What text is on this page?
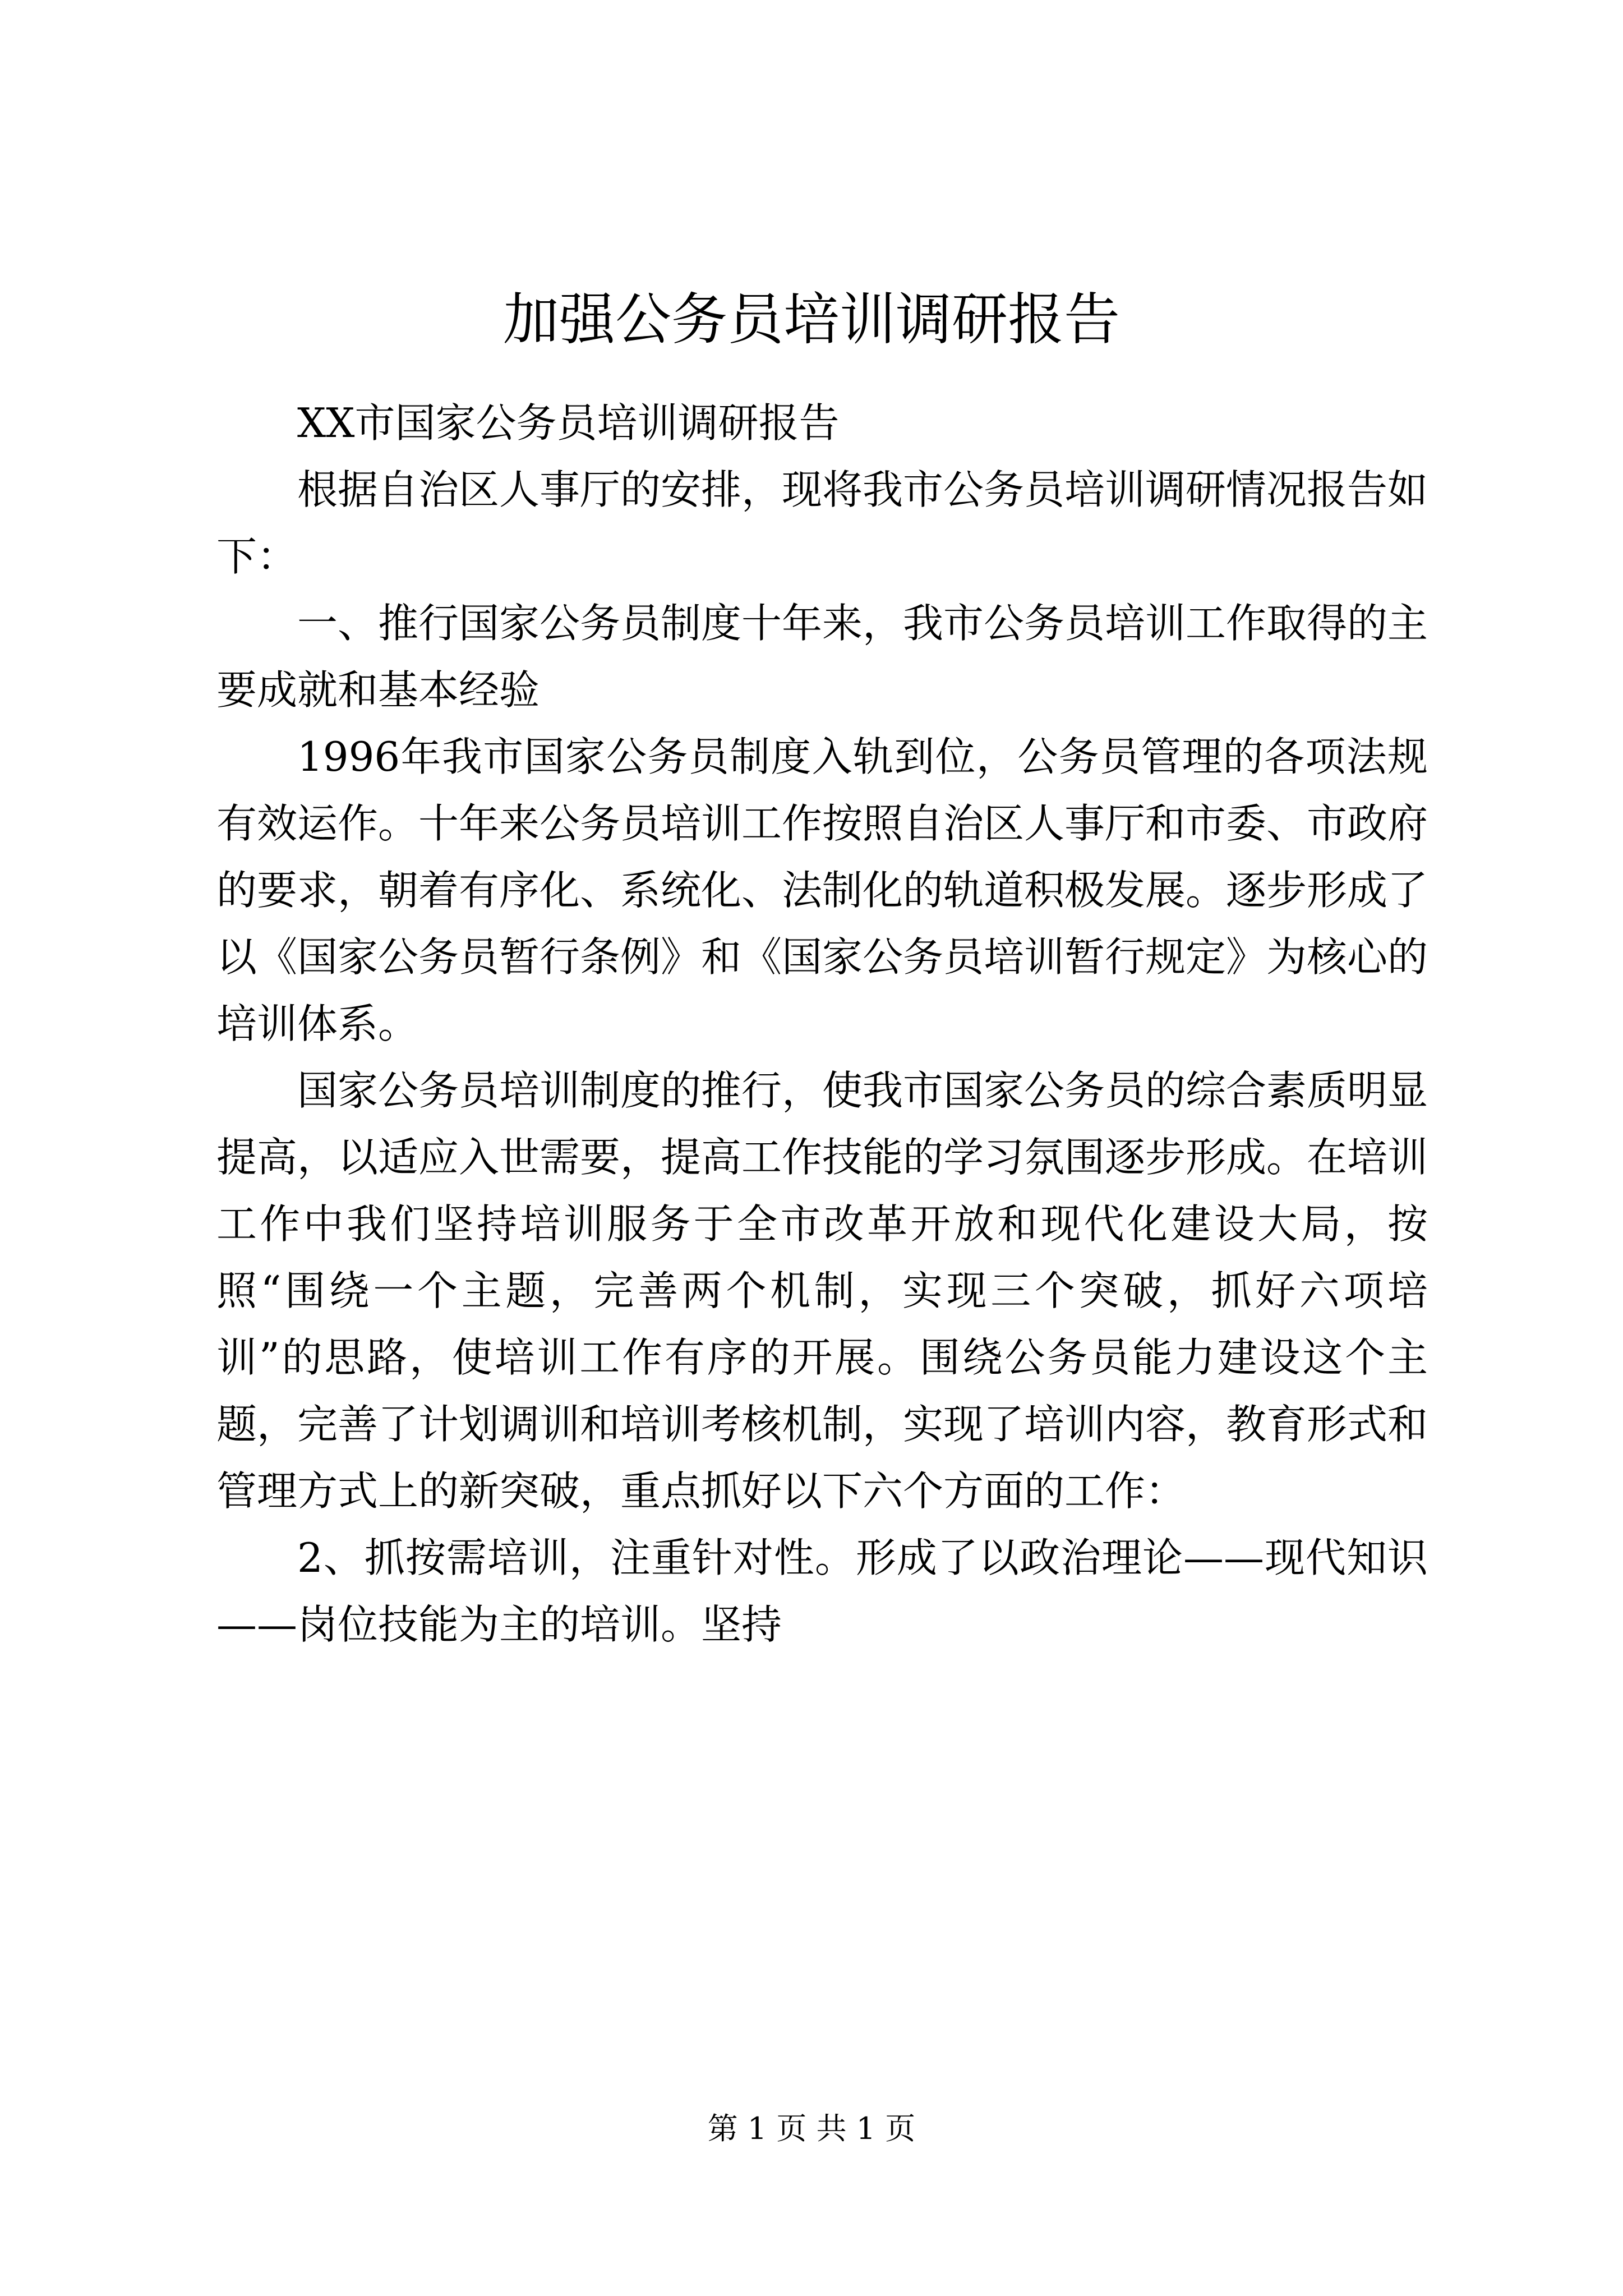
加强公务员培训调研报告

XX市国家公务员培训调研报告

根据自治区人事厅的安排，现将我市公务员培训调研情况报告如下：

一、推行国家公务员制度十年来，我市公务员培训工作取得的主要成就和基本经验

1996年我市国家公务员制度入轨到位，公务员管理的各项法规有效运作。十年来公务员培训工作按照自治区人事厅和市委、市政府的要求，朝着有序化、系统化、法制化的轨道积极发展。逐步形成了以《国家公务员暂行条例》和《国家公务员培训暂行规定》为核心的培训体系。

国家公务员培训制度的推行，使我市国家公务员的综合素质明显提高，以适应入世需要，提高工作技能的学习氛围逐步形成。在培训工作中我们坚持培训服务于全市改革开放和现代化建设大局，按照“围绕一个主题，完善两个机制，实现三个突破，抓好六项培训”的思路，使培训工作有序的开展。围绕公务员能力建设这个主题，完善了计划调训和培训考核机制，实现了培训内容，教育形式和管理方式上的新突破，重点抓好以下六个方面的工作：

2、抓按需培训，注重针对性。形成了以政治理论——现代知识——岗位技能为主的培训。坚持

第 1 页 共 1 页
